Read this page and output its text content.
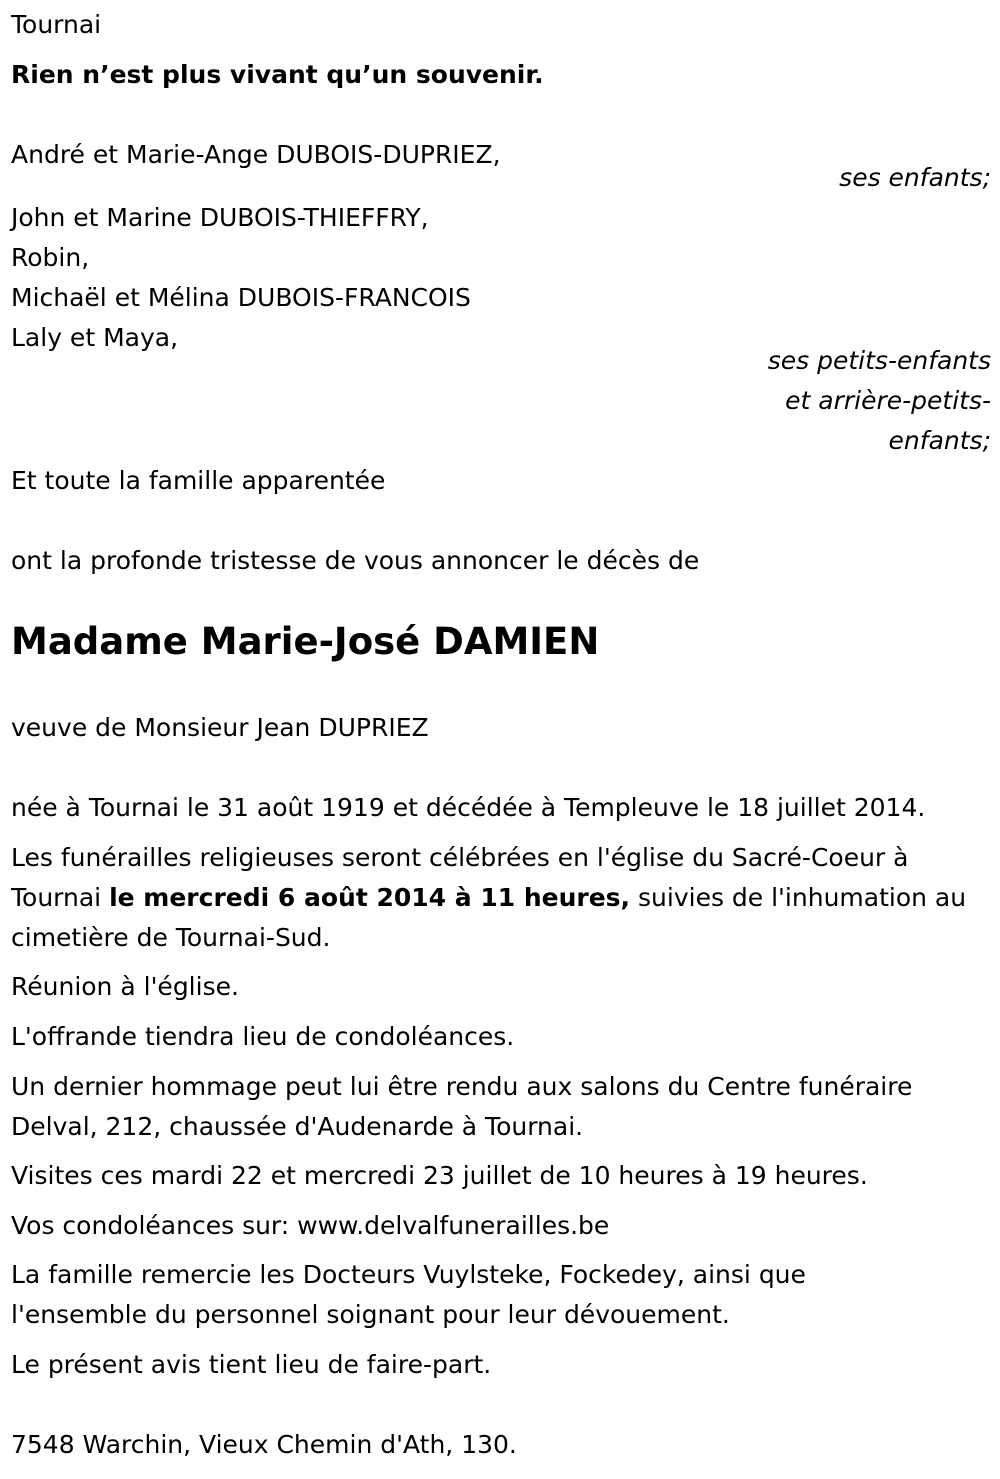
Tournai
Rien n’est plus vivant qu’un souvenir.
André et Marie-Ange DUBOIS-DUPRIEZ,
ses enfants;
John et Marine DUBOIS-THIEFFRY,
Robin,
Michaël et Mélina DUBOIS-FRANCOIS
Laly et Maya,
ses petits-enfants
et arrière-petits-
enfants;
Et toute la famille apparentée
ont la profonde tristesse de vous annoncer le décès de
Madame Marie-José DAMIEN
veuve de Monsieur Jean DUPRIEZ
née à Tournai le 31 août 1919 et décédée à Templeuve le 18 juillet 2014.
Les funérailles religieuses seront célébrées en l'église du Sacré-Coeur à Tournai le mercredi 6 août 2014 à 11 heures, suivies de l'inhumation au cimetière de Tournai-Sud.
Réunion à l'église.
L'offrande tiendra lieu de condoléances.
Un dernier hommage peut lui être rendu aux salons du Centre funéraire Delval, 212, chaussée d'Audenarde à Tournai.
Visites ces mardi 22 et mercredi 23 juillet de 10 heures à 19 heures.
Vos condoléances sur: www.delvalfunerailles.be
La famille remercie les Docteurs Vuylsteke, Fockedey, ainsi que l'ensemble du personnel soignant pour leur dévouement.
Le présent avis tient lieu de faire-part.
7548 Warchin, Vieux Chemin d'Ath, 130.
